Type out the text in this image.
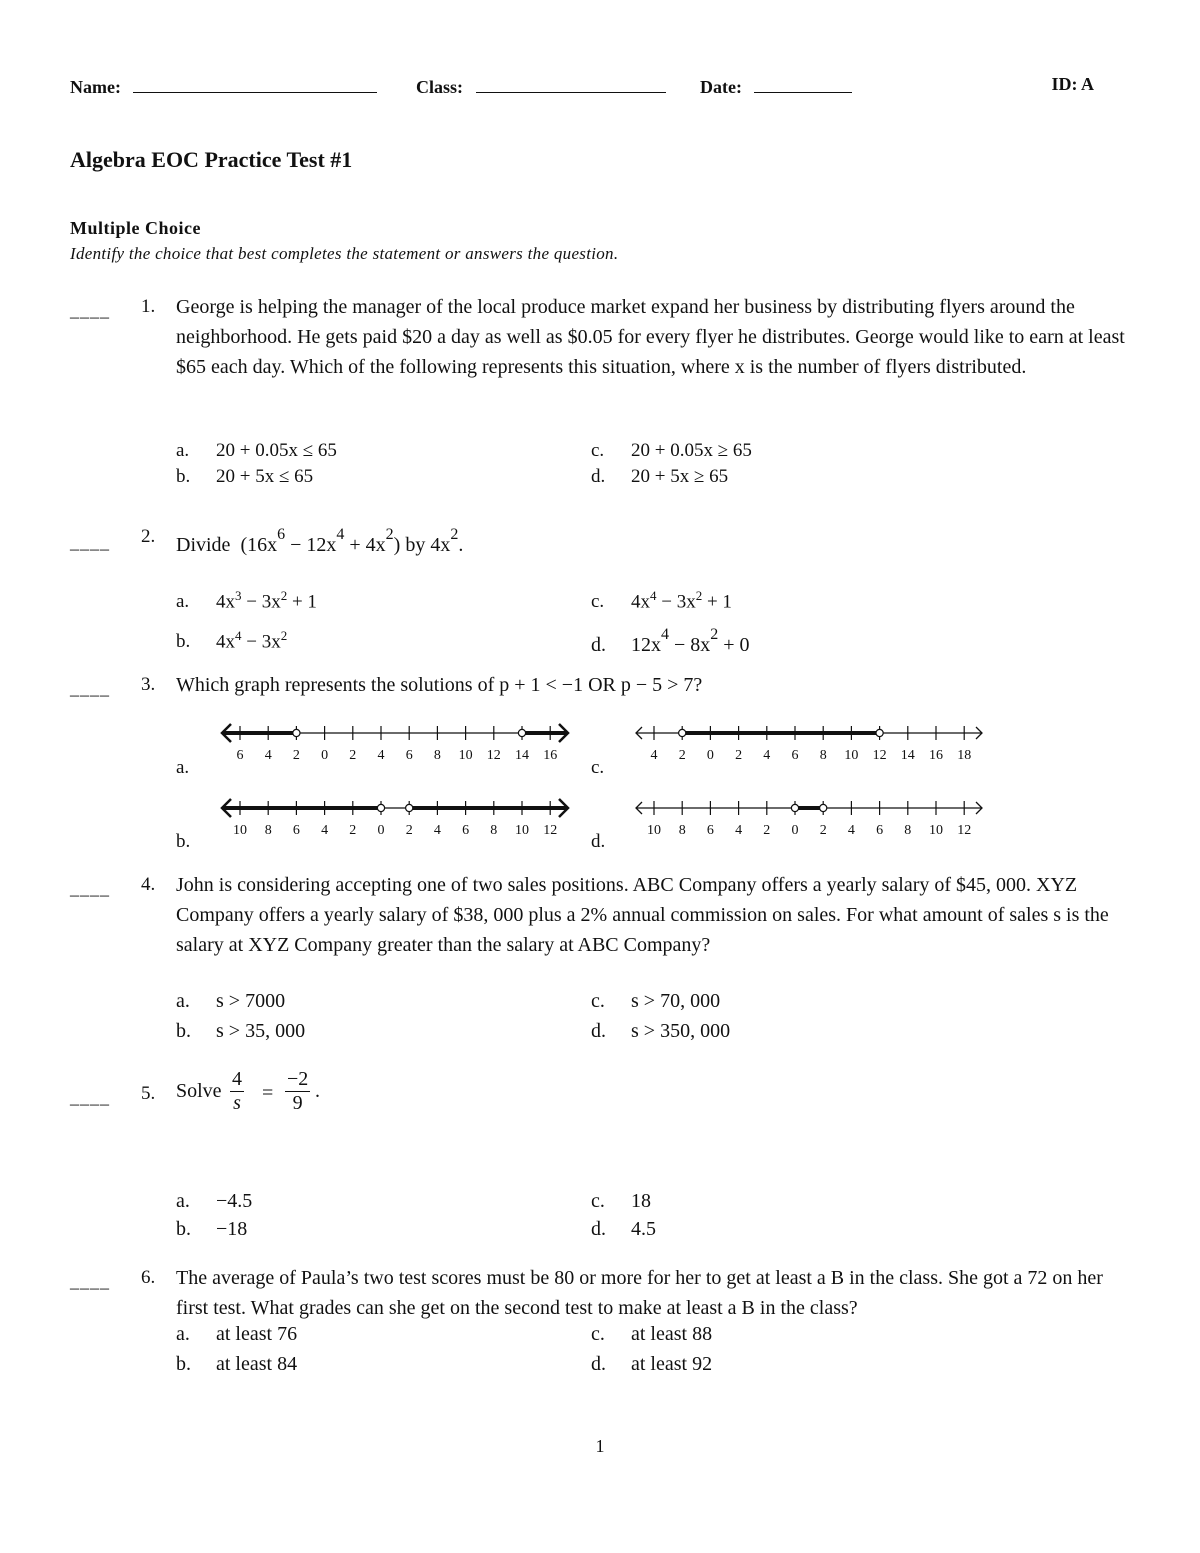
Name:	Class:	Date:	ID: A
Algebra EOC Practice Test #1
Multiple Choice
Identify the choice that best completes the statement or answers the question.
____ 1. George is helping the manager of the local produce market expand her business by distributing flyers around the neighborhood. He gets paid $20 a day as well as $0.05 for every flyer he distributes. George would like to earn at least $65 each day. Which of the following represents this situation, where x is the number of flyers distributed.
a. 20 + 0.05x ≤ 65
b. 20 + 5x ≤ 65
c. 20 + 0.05x ≥ 65
d. 20 + 5x ≥ 65
____ 2. Divide $(16x^6 - 12x^4 + 4x^2)$ by $4x^2$.
a. $4x^3 - 3x^2 + 1$
b. $4x^4 - 3x^2$
c. $4x^4 - 3x^2 + 1$
d. $12x^4 - 8x^2 + 0$
____ 3. Which graph represents the solutions of p + 1 < −1 OR p − 5 > 7?
a.
b.
c.
d.
6 4 2 0 2 4 6 8 10 12 14 16
10 8 6 4 2 0 2 4 6 8 10 12
4 2 0 2 4 6 8 10 12 14 16 18
10 8 6 4 2 0 2 4 6 8 10 12
____ 4. John is considering accepting one of two sales positions. ABC Company offers a yearly salary of $45, 000. XYZ Company offers a yearly salary of $38, 000 plus a 2% annual commission on sales. For what amount of sales s is the salary at XYZ Company greater than the salary at ABC Company?
a. s > 7000
b. s > 35, 000
c. s > 70, 000
d. s > 350, 000
____ 5. Solve $\frac{4}{s} = \frac{-2}{9}$ .
a. −4.5
b. −18
c. 18
d. 4.5
____ 6. The average of Paula’s two test scores must be 80 or more for her to get at least a B in the class. She got a 72 on her first test. What grades can she get on the second test to make at least a B in the class?
a. at least 76
b. at least 84
c. at least 88
d. at least 92
1
